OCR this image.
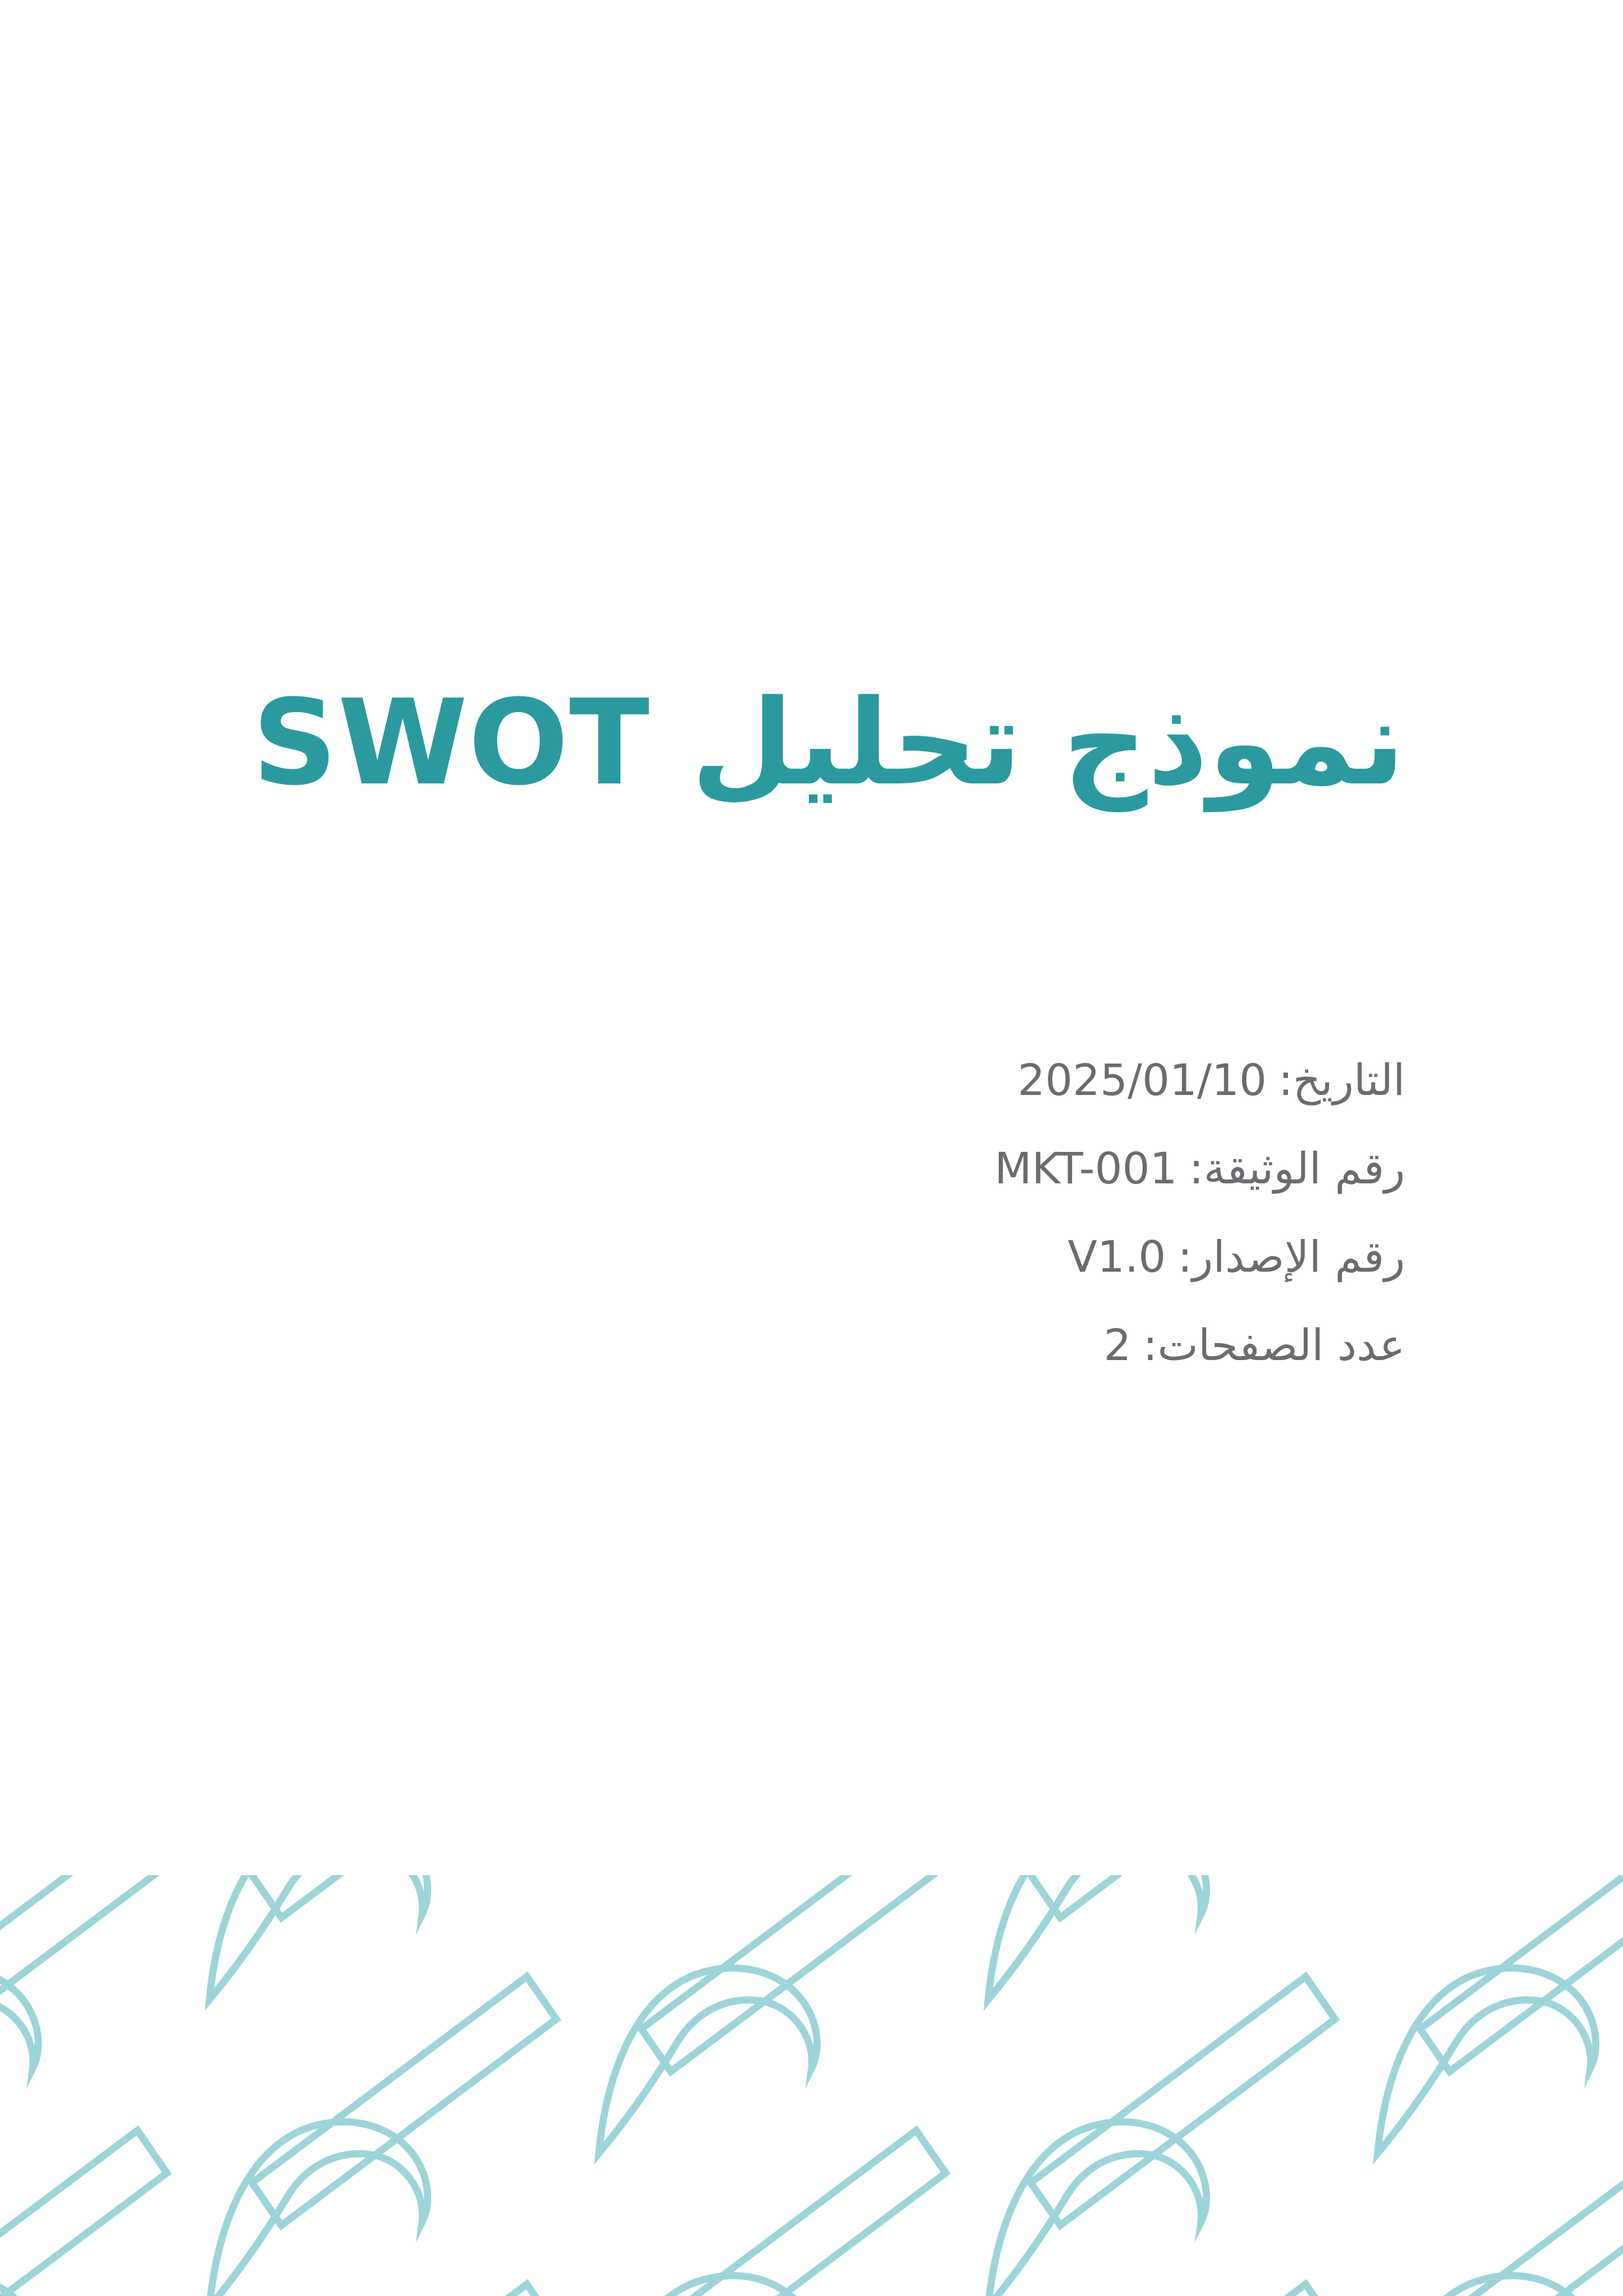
نموذج تحليل SWOT
التاريخ:2025/01/10
رقم الوثيقة:MKT-001
رقم الإصدار:V1.0
عدد الصفحات:2
